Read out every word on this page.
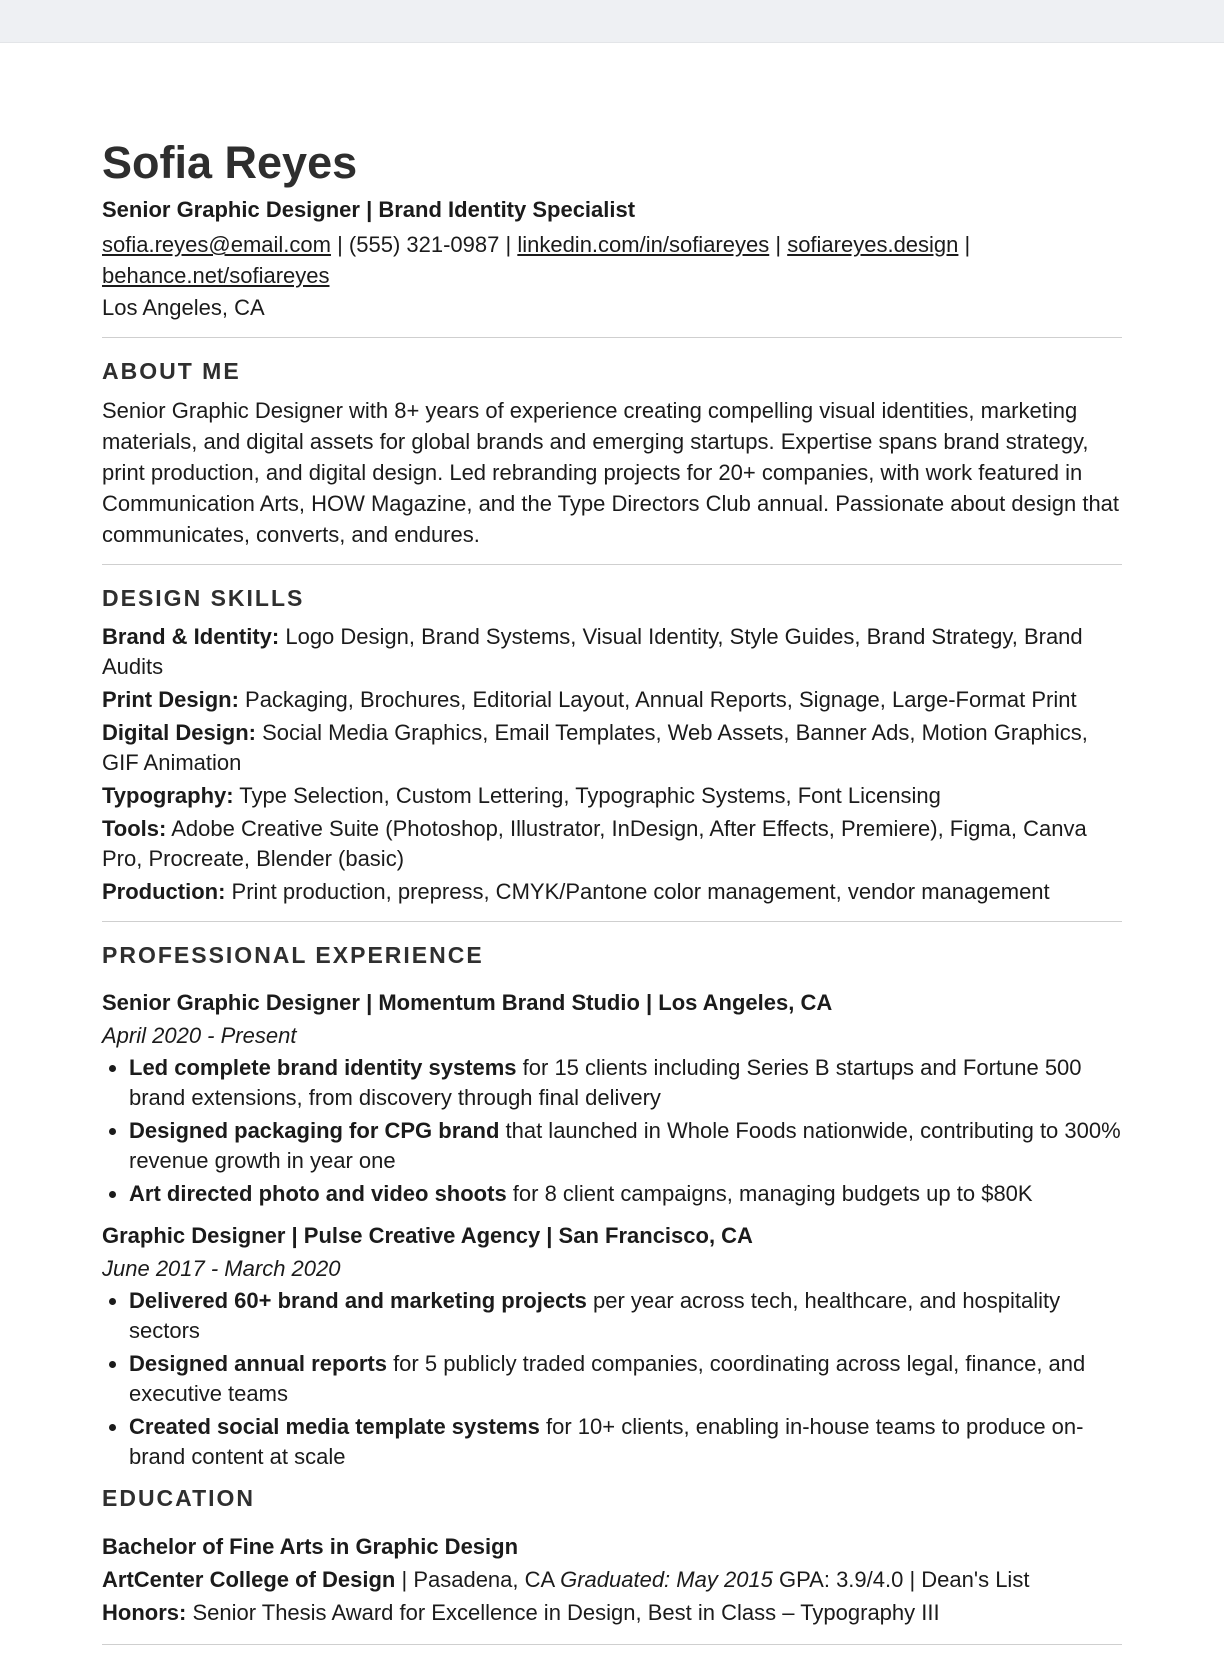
Sofia Reyes
Senior Graphic Designer | Brand Identity Specialist
sofia.reyes@email.com | (555) 321-0987 | linkedin.com/in/sofiareyes | sofiareyes.design | behance.net/sofiareyes
Los Angeles, CA
ABOUT ME
Senior Graphic Designer with 8+ years of experience creating compelling visual identities, marketing materials, and digital assets for global brands and emerging startups. Expertise spans brand strategy, print production, and digital design. Led rebranding projects for 20+ companies, with work featured in Communication Arts, HOW Magazine, and the Type Directors Club annual. Passionate about design that communicates, converts, and endures.
DESIGN SKILLS
Brand & Identity: Logo Design, Brand Systems, Visual Identity, Style Guides, Brand Strategy, Brand Audits
Print Design: Packaging, Brochures, Editorial Layout, Annual Reports, Signage, Large-Format Print
Digital Design: Social Media Graphics, Email Templates, Web Assets, Banner Ads, Motion Graphics, GIF Animation
Typography: Type Selection, Custom Lettering, Typographic Systems, Font Licensing
Tools: Adobe Creative Suite (Photoshop, Illustrator, InDesign, After Effects, Premiere), Figma, Canva Pro, Procreate, Blender (basic)
Production: Print production, prepress, CMYK/Pantone color management, vendor management
PROFESSIONAL EXPERIENCE
Senior Graphic Designer | Momentum Brand Studio | Los Angeles, CA
April 2020 - Present
• Led complete brand identity systems for 15 clients including Series B startups and Fortune 500 brand extensions, from discovery through final delivery
• Designed packaging for CPG brand that launched in Whole Foods nationwide, contributing to 300% revenue growth in year one
• Art directed photo and video shoots for 8 client campaigns, managing budgets up to $80K
Graphic Designer | Pulse Creative Agency | San Francisco, CA
June 2017 - March 2020
• Delivered 60+ brand and marketing projects per year across tech, healthcare, and hospitality sectors
• Designed annual reports for 5 publicly traded companies, coordinating across legal, finance, and executive teams
• Created social media template systems for 10+ clients, enabling in-house teams to produce on-brand content at scale
EDUCATION
Bachelor of Fine Arts in Graphic Design
ArtCenter College of Design | Pasadena, CA Graduated: May 2015 GPA: 3.9/4.0 | Dean's List
Honors: Senior Thesis Award for Excellence in Design, Best in Class – Typography III
